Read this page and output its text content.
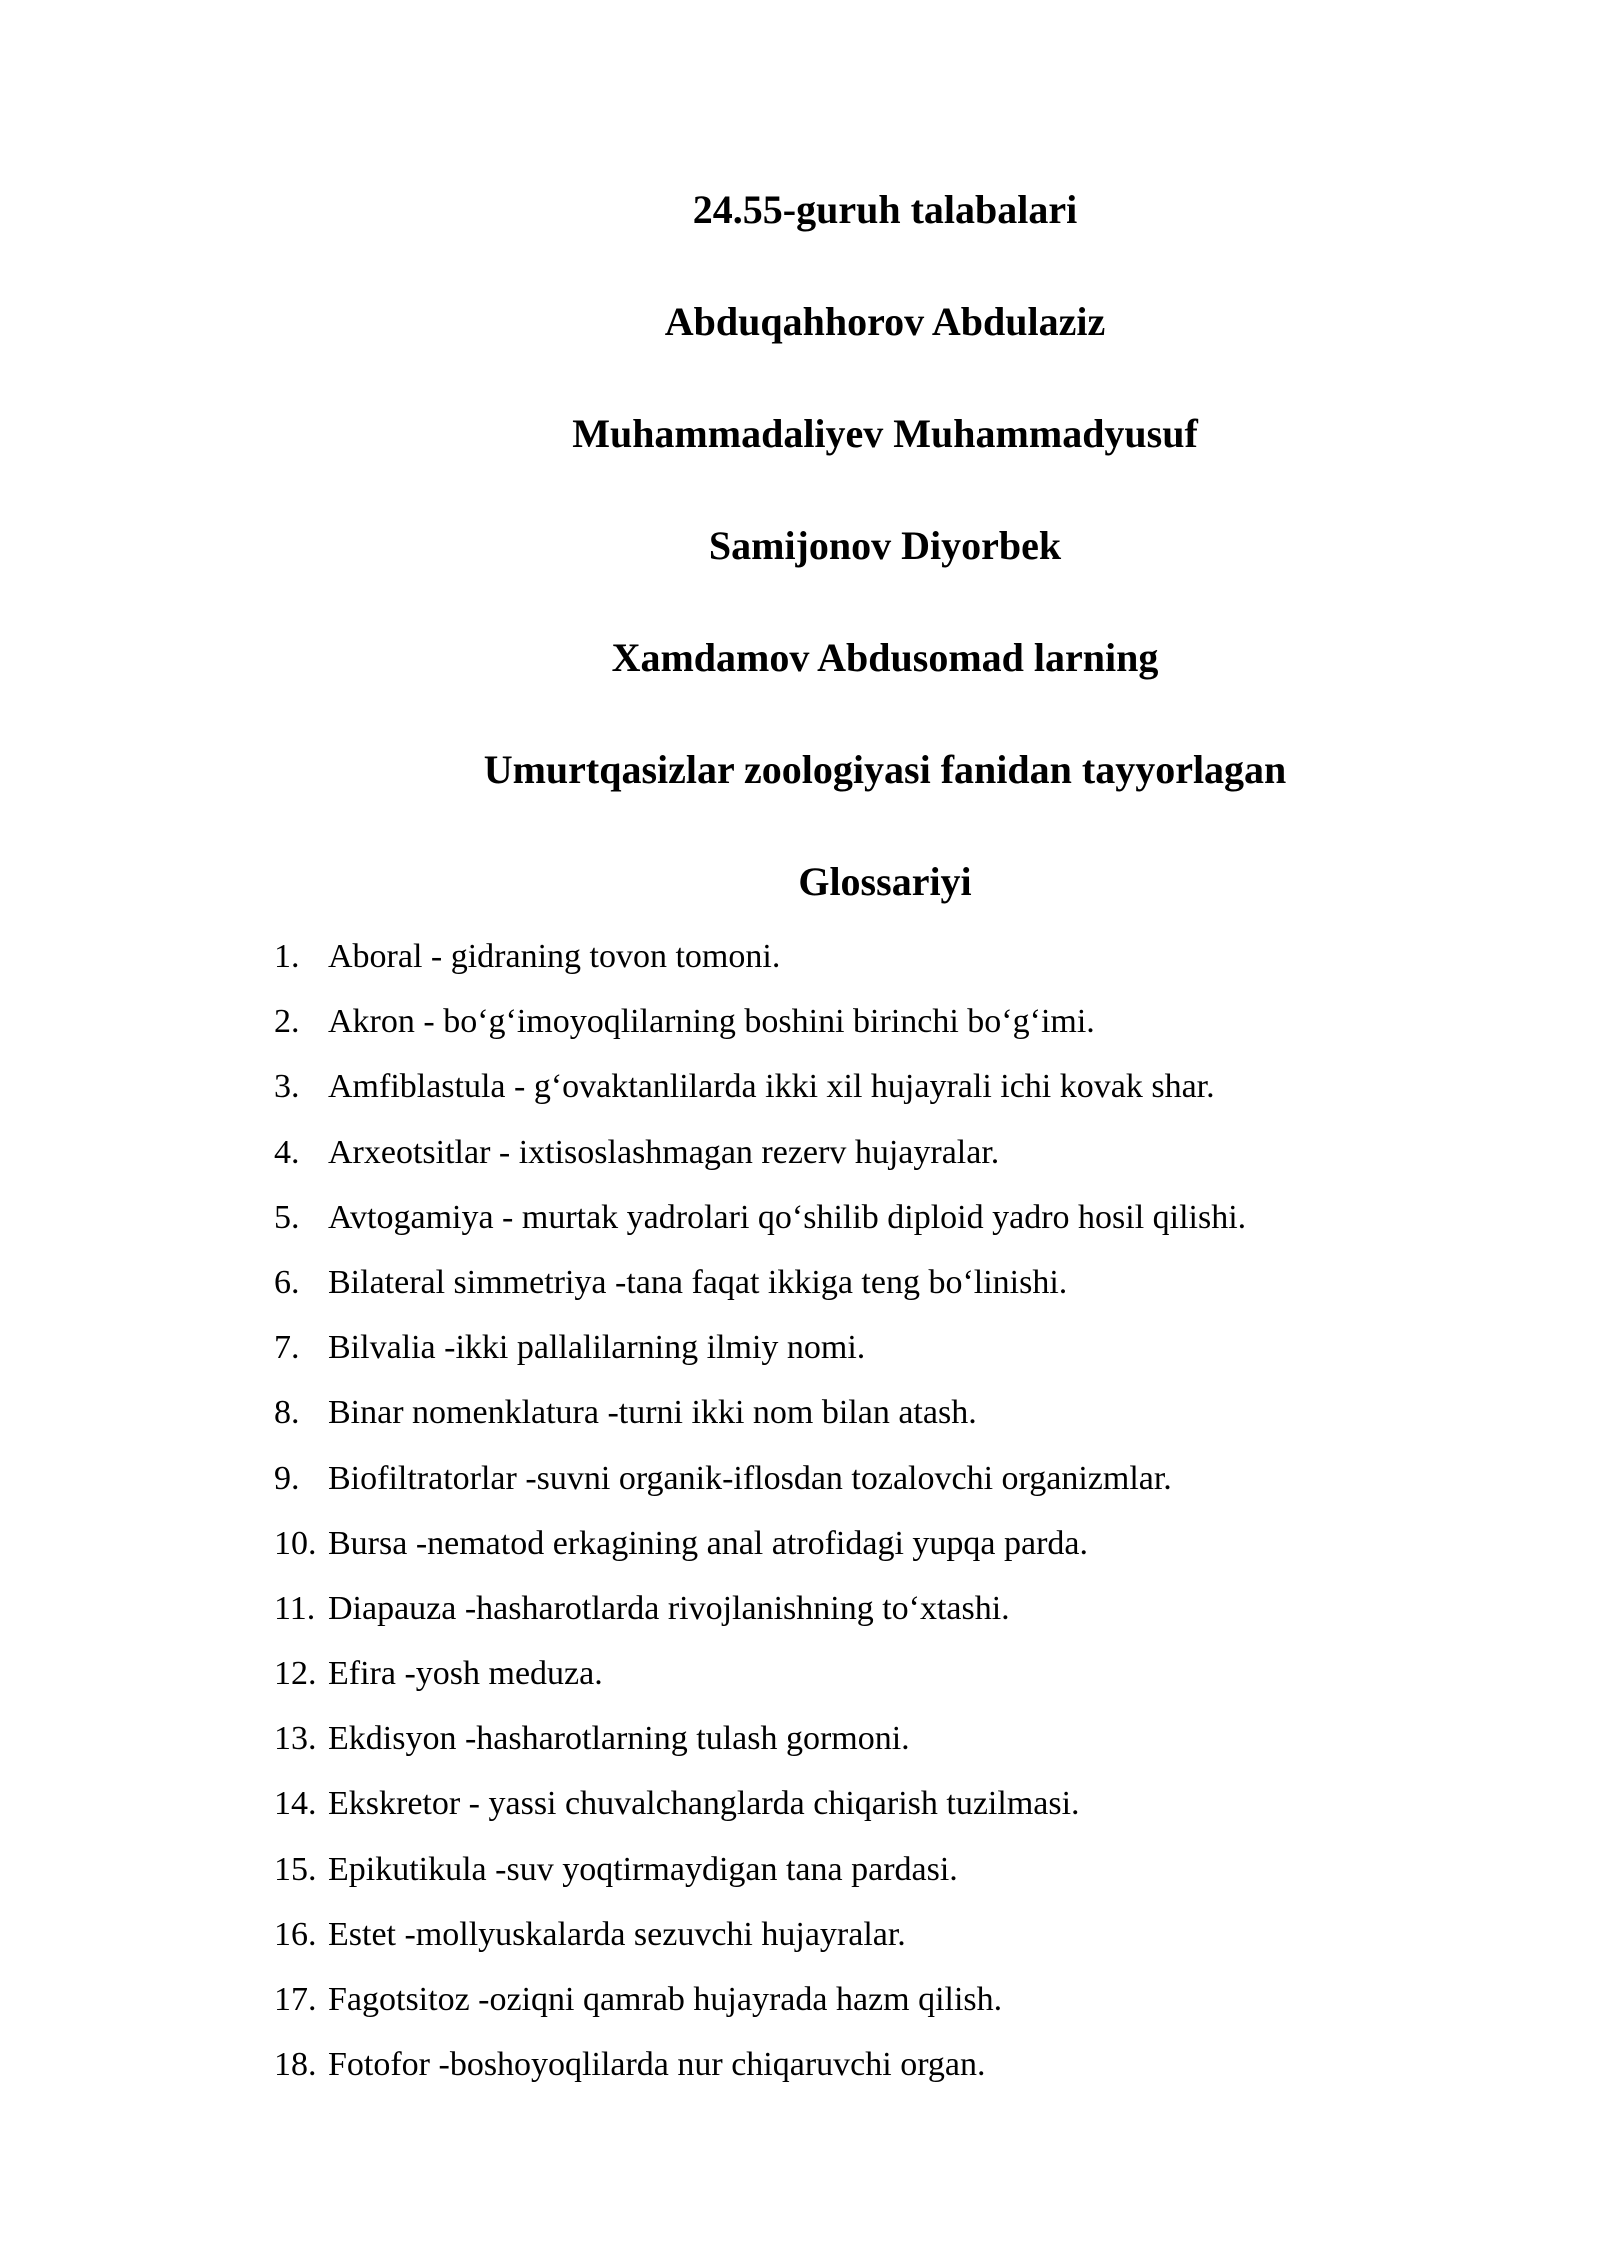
24.55-guruh talabalari
Abduqahhorov Abdulaziz
Muhammadaliyev Muhammadyusuf
Samijonov Diyorbek
Xamdamov Abdusomad larning
Umurtqasizlar zoologiyasi fanidan tayyorlagan
Glossariyi
1. Aboral - gidraning tovon tomoni.
2. Akron - bo‘g‘imoyoqlilarning boshini birinchi bo‘g‘imi.
3. Amfiblastula - g‘ovaktanlilarda ikki xil hujayrali ichi kovak shar.
4. Arxeotsitlar - ixtisoslashmagan rezerv hujayralar.
5. Avtogamiya - murtak yadrolari qo‘shilib diploid yadro hosil qilishi.
6. Bilateral simmetriya -tana faqat ikkiga teng bo‘linishi.
7. Bilvalia -ikki pallalilarning ilmiy nomi.
8. Binar nomenklatura -turni ikki nom bilan atash.
9. Biofiltratorlar -suvni organik-iflosdan tozalovchi organizmlar.
10. Bursa -nematod erkagining anal atrofidagi yupqa parda.
11. Diapauza -hasharotlarda rivojlanishning to‘xtashi.
12. Efira -yosh meduza.
13. Ekdisyon -hasharotlarning tulash gormoni.
14. Ekskretor - yassi chuvalchanglarda chiqarish tuzilmasi.
15. Epikutikula -suv yoqtirmaydigan tana pardasi.
16. Estet -mollyuskalarda sezuvchi hujayralar.
17. Fagotsitoz -oziqni qamrab hujayrada hazm qilish.
18. Fotofor -boshoyoqlilarda nur chiqaruvchi organ.
